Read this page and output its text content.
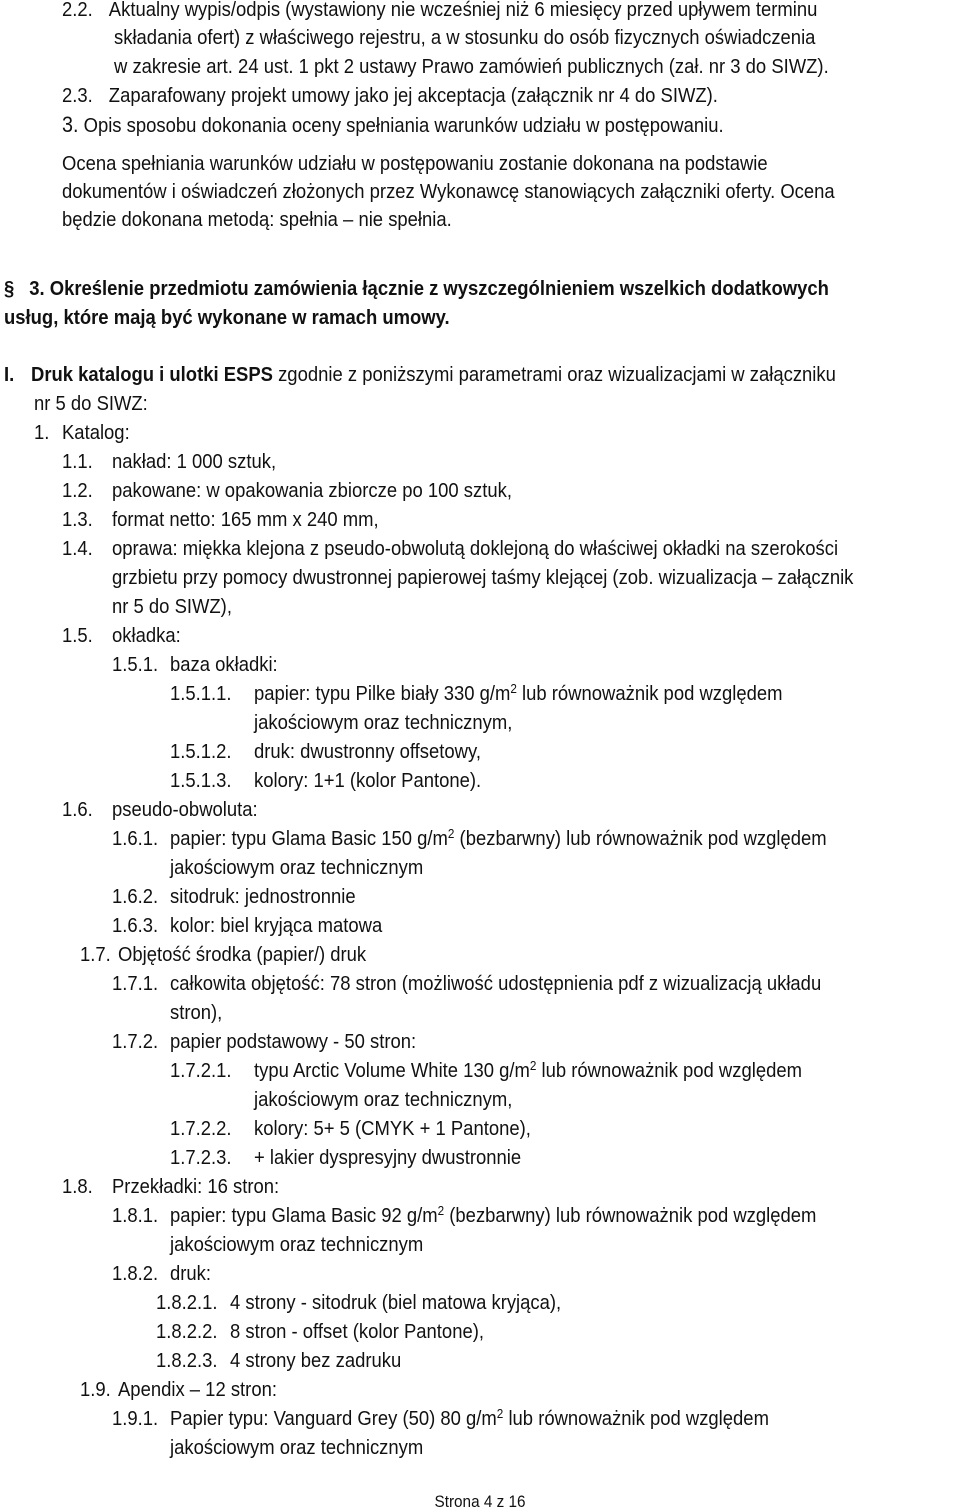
2.2. Aktualny wypis/odpis (wystawiony nie wcześniej niż 6 miesięcy przed upływem terminu
składania ofert) z właściwego rejestru, a w stosunku do osób fizycznych oświadczenia
w zakresie art. 24 ust. 1 pkt 2 ustawy Prawo zamówień publicznych (zał. nr 3 do SIWZ).
2.3. Zaparafowany projekt umowy jako jej akceptacja (załącznik nr 4 do SIWZ).
3. Opis sposobu dokonania oceny spełniania warunków udziału w postępowaniu.
Ocena spełniania warunków udziału w postępowaniu zostanie dokonana na podstawie
dokumentów i oświadczeń złożonych przez Wykonawcę stanowiących załączniki oferty. Ocena
będzie dokonana metodą: spełnia – nie spełnia.
§ 3. Określenie przedmiotu zamówienia łącznie z wyszczególnieniem wszelkich dodatkowych
usług, które mają być wykonane w ramach umowy.
I. Druk katalogu i ulotki ESPS zgodnie z poniższymi parametrami oraz wizualizacjami w załączniku
nr 5 do SIWZ:
1. Katalog:
1.1. nakład: 1 000 sztuk,
1.2. pakowane: w opakowania zbiorcze po 100 sztuk,
1.3. format netto: 165 mm x 240 mm,
1.4. oprawa: miękka klejona z pseudo-obwolutą doklejoną do właściwej okładki na szerokości
grzbietu przy pomocy dwustronnej papierowej taśmy klejącej (zob. wizualizacja – załącznik
nr 5 do SIWZ),
1.5. okładka:
1.5.1. baza okładki:
1.5.1.1. papier: typu Pilke biały 330 $g/m^2$ lub równoważnik pod względem
jakościowym oraz technicznym,
1.5.1.2. druk: dwustronny offsetowy,
1.5.1.3. kolory: 1+1 (kolor Pantone).
1.6. pseudo-obwoluta:
1.6.1. papier: typu Glama Basic 150 $g/m^2$ (bezbarwny) lub równoważnik pod względem
jakościowym oraz technicznym
1.6.2. sitodruk: jednostronnie
1.6.3. kolor: biel kryjąca matowa
1.7. Objętość środka (papier/) druk
1.7.1. całkowita objętość: 78 stron (możliwość udostępnienia pdf z wizualizacją układu
stron),
1.7.2. papier podstawowy - 50 stron:
1.7.2.1. typu Arctic Volume White 130 $g/m^2$ lub równoważnik pod względem
jakościowym oraz technicznym,
1.7.2.2. kolory: 5+ 5 (CMYK + 1 Pantone),
1.7.2.3. + lakier dyspresyjny dwustronnie
1.8. Przekładki: 16 stron:
1.8.1. papier: typu Glama Basic 92 $g/m^2$ (bezbarwny) lub równoważnik pod względem
jakościowym oraz technicznym
1.8.2. druk:
1.8.2.1. 4 strony - sitodruk (biel matowa kryjąca),
1.8.2.2. 8 stron - offset (kolor Pantone),
1.8.2.3. 4 strony bez zadruku
1.9. Apendix – 12 stron:
1.9.1. Papier typu: Vanguard Grey (50) 80 $g/m^2$ lub równoważnik pod względem
jakościowym oraz technicznym
Strona 4 z 16
